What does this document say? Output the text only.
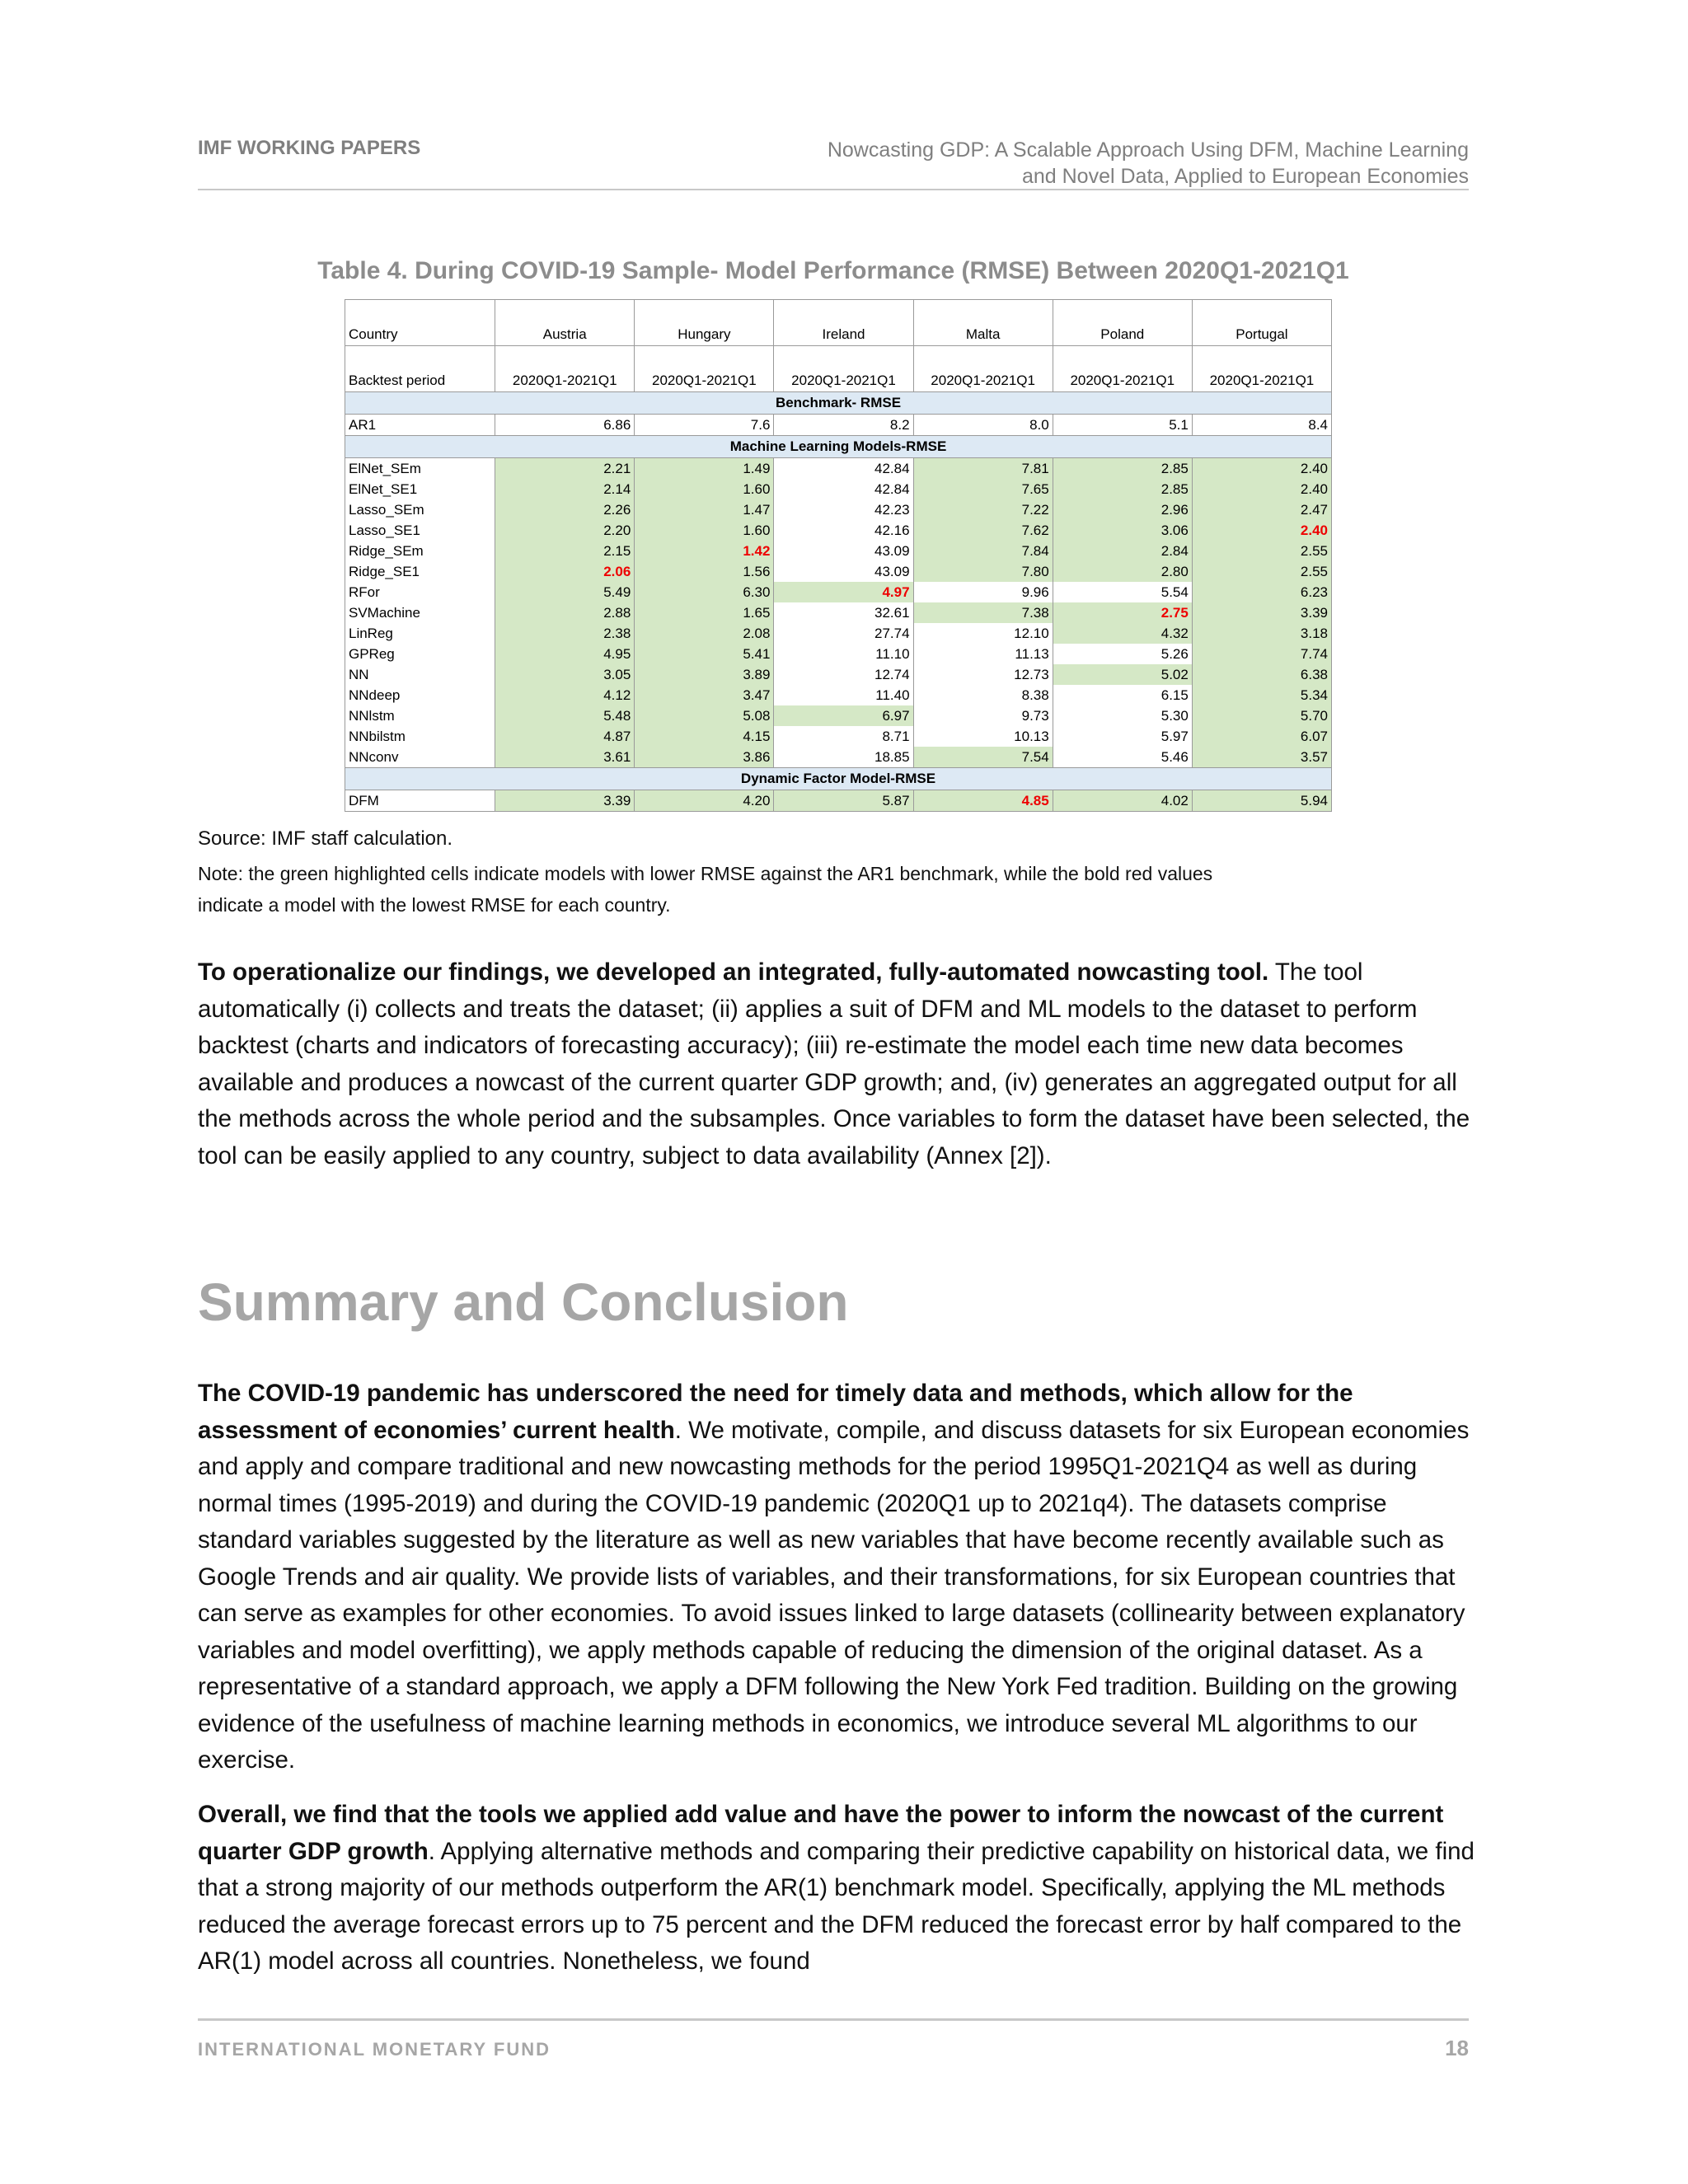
IMF WORKING PAPERS	Nowcasting GDP: A Scalable Approach Using DFM, Machine Learning
and Novel Data, Applied to European Economies
Table 4. During COVID-19 Sample- Model Performance (RMSE) Between 2020Q1-2021Q1
Country	Austria	Hungary	Ireland	Malta	Poland	Portugal
Backtest period	2020Q1-2021Q1	2020Q1-2021Q1	2020Q1-2021Q1	2020Q1-2021Q1	2020Q1-2021Q1	2020Q1-2021Q1
Benchmark- RMSE						
AR1	6.86	7.6	8.2	8.0	5.1	8.4
Machine Learning Models-RMSE						
ElNet_SEm	2.21	1.49	42.84	7.81	2.85	2.40
ElNet_SE1	2.14	1.60	42.84	7.65	2.85	2.40
Lasso_SEm	2.26	1.47	42.23	7.22	2.96	2.47
Lasso_SE1	2.20	1.60	42.16	7.62	3.06	2.40
Ridge_SEm	2.15	1.42	43.09	7.84	2.84	2.55
Ridge_SE1	2.06	1.56	43.09	7.80	2.80	2.55
RFor	5.49	6.30	4.97	9.96	5.54	6.23
SVMachine	2.88	1.65	32.61	7.38	2.75	3.39
LinReg	2.38	2.08	27.74	12.10	4.32	3.18
GPReg	4.95	5.41	11.10	11.13	5.26	7.74
NN	3.05	3.89	12.74	12.73	5.02	6.38
NNdeep	4.12	3.47	11.40	8.38	6.15	5.34
NNlstm	5.48	5.08	6.97	9.73	5.30	5.70
NNbilstm	4.87	4.15	8.71	10.13	5.97	6.07
NNconv	3.61	3.86	18.85	7.54	5.46	3.57
Dynamic Factor Model-RMSE						
DFM	3.39	4.20	5.87	4.85	4.02	5.94
Source: IMF staff calculation.
Note: the green highlighted cells indicate models with lower RMSE against the AR1 benchmark, while the bold red values
indicate a model with the lowest RMSE for each country.

To operationalize our findings, we developed an integrated, fully-automated nowcasting tool. The tool automatically (i) collects and treats the dataset; (ii) applies a suit of DFM and ML models to the dataset to perform backtest (charts and indicators of forecasting accuracy); (iii) re-estimate the model each time new data becomes available and produces a nowcast of the current quarter GDP growth; and, (iv) generates an aggregated output for all the methods across the whole period and the subsamples. Once variables to form the dataset have been selected, the tool can be easily applied to any country, subject to data availability (Annex [2]).

Summary and Conclusion

The COVID-19 pandemic has underscored the need for timely data and methods, which allow for the assessment of economies’ current health. We motivate, compile, and discuss datasets for six European economies and apply and compare traditional and new nowcasting methods for the period 1995Q1-2021Q4 as well as during normal times (1995-2019) and during the COVID-19 pandemic (2020Q1 up to 2021q4). The datasets comprise standard variables suggested by the literature as well as new variables that have become recently available such as Google Trends and air quality. We provide lists of variables, and their transformations, for six European countries that can serve as examples for other economies. To avoid issues linked to large datasets (collinearity between explanatory variables and model overfitting), we apply methods capable of reducing the dimension of the original dataset. As a representative of a standard approach, we apply a DFM following the New York Fed tradition. Building on the growing evidence of the usefulness of machine learning methods in economics, we introduce several ML algorithms to our exercise.

Overall, we find that the tools we applied add value and have the power to inform the nowcast of the current quarter GDP growth. Applying alternative methods and comparing their predictive capability on historical data, we find that a strong majority of our methods outperform the AR(1) benchmark model. Specifically, applying the ML methods reduced the average forecast errors up to 75 percent and the DFM reduced the forecast error by half compared to the AR(1) model across all countries. Nonetheless, we found

INTERNATIONAL MONETARY FUND	18
